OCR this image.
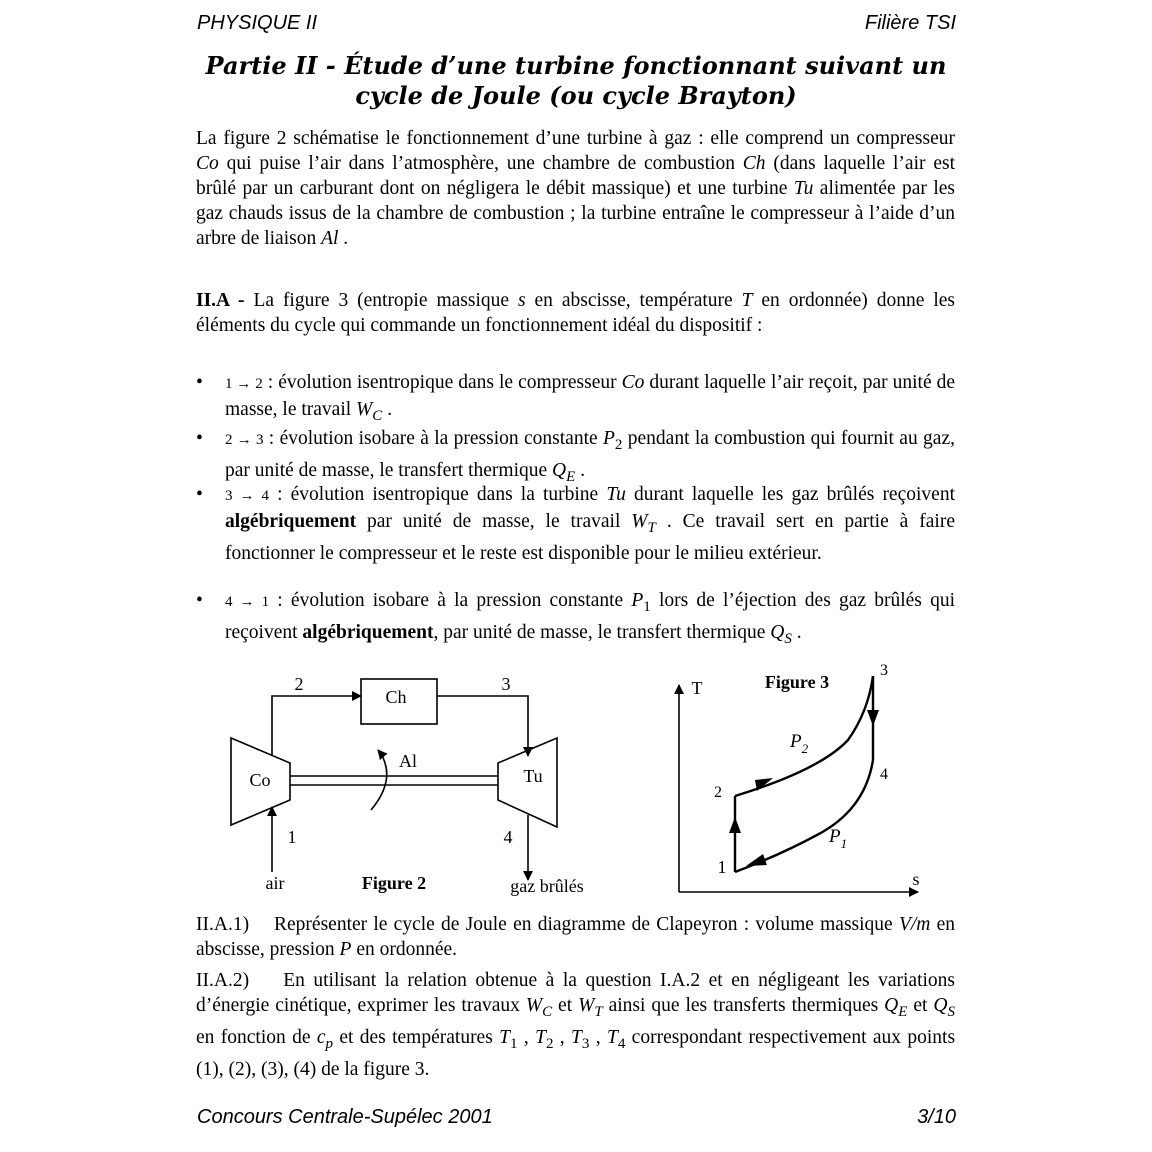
PHYSIQUE II	Filière TSI
Partie II - Étude d’une turbine fonctionnant suivant un
cycle de Joule (ou cycle Brayton)

La figure 2 schématise le fonctionnement d’une turbine à gaz : elle comprend un compresseur Co qui puise l’air dans l’atmosphère, une chambre de combustion Ch (dans laquelle l’air est brûlé par un carburant dont on négligera le débit massique) et une turbine Tu alimentée par les gaz chauds issus de la chambre de combustion ; la turbine entraîne le compresseur à l’aide d’un arbre de liaison Al .

II.A - La figure 3 (entropie massique s en abscisse, température T en ordonnée) donne les éléments du cycle qui commande un fonctionnement idéal du dispositif :

•	1 → 2 : évolution isentropique dans le compresseur Co durant laquelle l’air reçoit, par unité de masse, le travail $W_C$ .
•	2 → 3 : évolution isobare à la pression constante $P_2$ pendant la combustion qui fournit au gaz, par unité de masse, le transfert thermique $Q_E$ .
•	3 → 4 : évolution isentropique dans la turbine Tu durant laquelle les gaz brûlés reçoivent algébriquement par unité de masse, le travail $W_T$ . Ce travail sert en partie à faire fonctionner le compresseur et le reste est disponible pour le milieu extérieur.
•	4 → 1 : évolution isobare à la pression constante $P_1$ lors de l’éjection des gaz brûlés qui reçoivent algébriquement, par unité de masse, le transfert thermique $Q_S$ .
Ch
Co	Tu
Al
2	3
1	4
air	gaz brûlés
Figure 2
T
s
Figure 3
1
2
3
4
$P_2$
$P_1$

II.A.1) Représenter le cycle de Joule en diagramme de Clapeyron : volume massique V/m en abscisse, pression P en ordonnée.

II.A.2) En utilisant la relation obtenue à la question I.A.2 et en négligeant les variations d’énergie cinétique, exprimer les travaux $W_C$ et $W_T$ ainsi que les transferts thermiques $Q_E$ et $Q_S$ en fonction de $c_p$ et des températures $T_1$ , $T_2$ , $T_3$ , $T_4$ correspondant respectivement aux points (1), (2), (3), (4) de la figure 3.

Concours Centrale-Supélec 2001	3/10
